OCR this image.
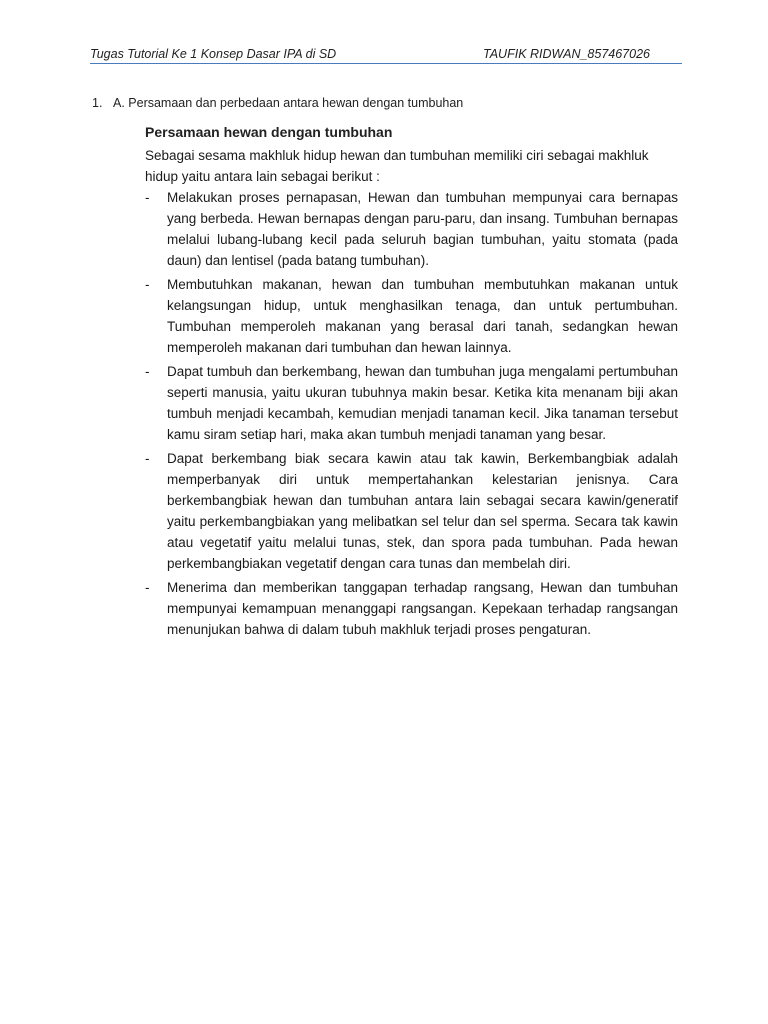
Tugas Tutorial Ke 1 Konsep Dasar IPA di SD	TAUFIK RIDWAN_857467026
1. A. Persamaan dan perbedaan antara hewan dengan tumbuhan
Persamaan hewan dengan tumbuhan

Sebagai sesama makhluk hidup hewan dan tumbuhan memiliki ciri sebagai makhluk hidup yaitu antara lain sebagai berikut :

- Melakukan proses pernapasan, Hewan dan tumbuhan mempunyai cara bernapas yang berbeda. Hewan bernapas dengan paru-paru, dan insang. Tumbuhan bernapas melalui lubang-lubang kecil pada seluruh bagian tumbuhan, yaitu stomata (pada daun) dan lentisel (pada batang tumbuhan).
- Membutuhkan makanan, hewan dan tumbuhan membutuhkan makanan untuk kelangsungan hidup, untuk menghasilkan tenaga, dan untuk pertumbuhan. Tumbuhan memperoleh makanan yang berasal dari tanah, sedangkan hewan memperoleh makanan dari tumbuhan dan hewan lainnya.
- Dapat tumbuh dan berkembang, hewan dan tumbuhan juga mengalami pertumbuhan seperti manusia, yaitu ukuran tubuhnya makin besar. Ketika kita menanam biji akan tumbuh menjadi kecambah, kemudian menjadi tanaman kecil. Jika tanaman tersebut kamu siram setiap hari, maka akan tumbuh menjadi tanaman yang besar.
- Dapat berkembang biak secara kawin atau tak kawin, Berkembangbiak adalah memperbanyak diri untuk mempertahankan kelestarian jenisnya. Cara berkembangbiak hewan dan tumbuhan antara lain sebagai secara kawin/generatif yaitu perkembangbiakan yang melibatkan sel telur dan sel sperma. Secara tak kawin atau vegetatif yaitu melalui tunas, stek, dan spora pada tumbuhan. Pada hewan perkembangbiakan vegetatif dengan cara tunas dan membelah diri.
- Menerima dan memberikan tanggapan terhadap rangsang, Hewan dan tumbuhan mempunyai kemampuan menanggapi rangsangan. Kepekaan terhadap rangsangan menunjukan bahwa di dalam tubuh makhluk terjadi proses pengaturan.
